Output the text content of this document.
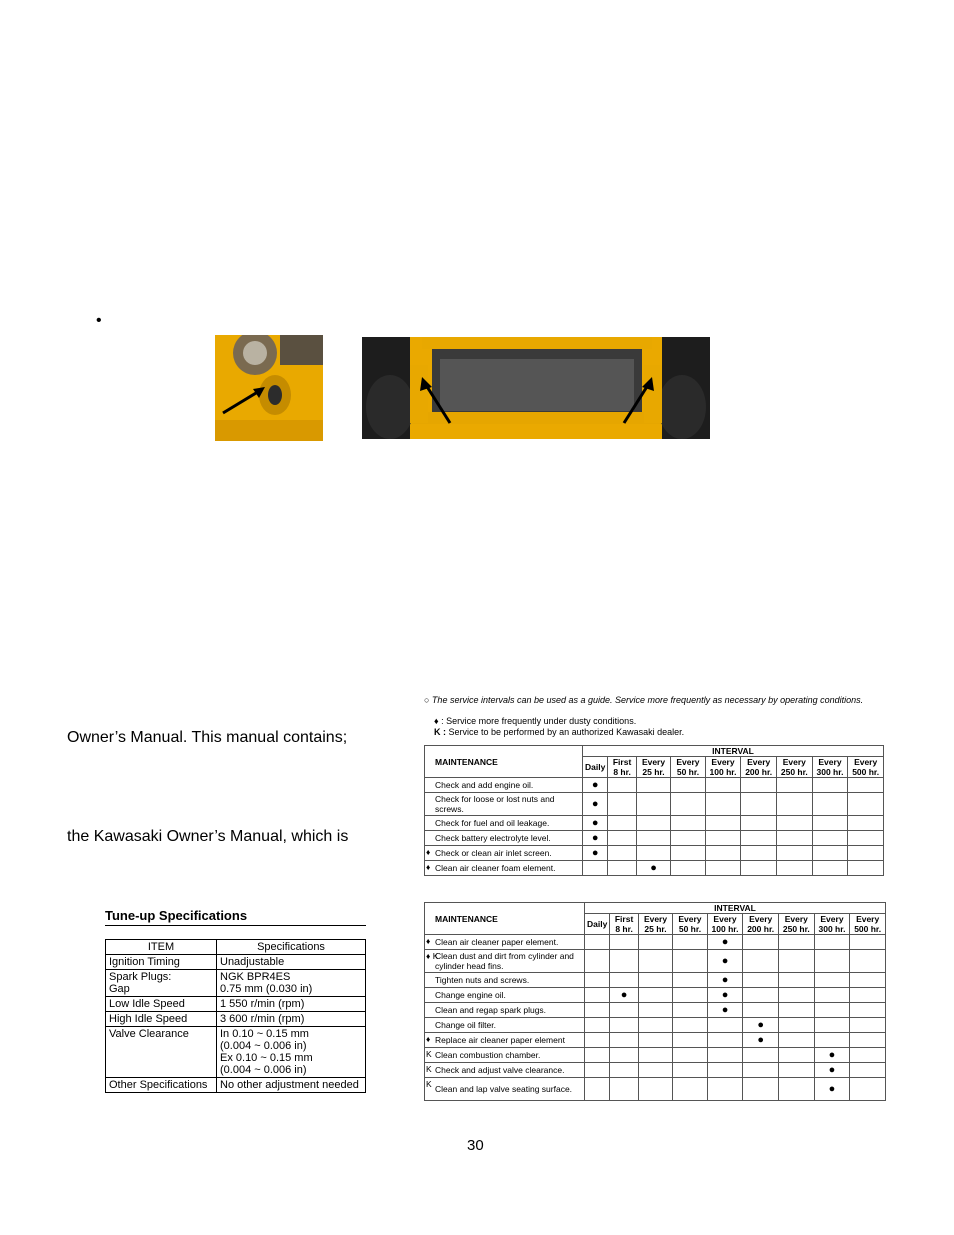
•
Owner’s Manual. This manual contains;
the Kawasaki Owner’s Manual, which is
○ The service intervals can be used as a guide. Service more frequently as necessary by operating conditions.
♦ : Service more frequently under dusty conditions.
K : Service to be performed by an authorized Kawasaki dealer.
MAINTENANCE	INTERVAL								
	Daily	First 8 hr.	Every 25 hr.	Every 50 hr.	Every 100 hr.	Every 200 hr.	Every 250 hr.	Every 300 hr.	Every 500 hr.
Check and add engine oil.	●								
Check for loose or lost nuts and screws.	●								
Check for fuel and oil leakage.	●								
Check battery electrolyte level.	●								

♦ Check or clean air inlet screen.	●								

♦ Clean air cleaner foam element.			●						
MAINTENANCE	INTERVAL								
	Daily	First 8 hr.	Every 25 hr.	Every 50 hr.	Every 100 hr.	Every 200 hr.	Every 250 hr.	Every 300 hr.	Every 500 hr.

♦ Clean air cleaner paper element.					●				

♦ K
Clean dust and dirt from cylinder and cylinder head fins.					●				
Tighten nuts and screws.					●				
Change engine oil.		●			●				
Clean and regap spark plugs.					●				
Change oil filter.						●			

♦ Replace air cleaner paper element						●			

K Clean combustion chamber.								●	

K Check and adjust valve clearance.								●	

K Clean and lap valve seating surface.								●	
Tune-up Specifications
ITEM	Specifications
Ignition Timing	Unadjustable
Spark Plugs:
Gap	NGK BPR4ES
0.75 mm (0.030 in)
Low Idle Speed	1 550 r/min (rpm)
High Idle Speed	3 600 r/min (rpm)
Valve Clearance	In 0.10 ~ 0.15 mm
(0.004 ~ 0.006 in)
Ex 0.10 ~ 0.15 mm
(0.004 ~ 0.006 in)
Other Specifications	No other adjustment needed
30
